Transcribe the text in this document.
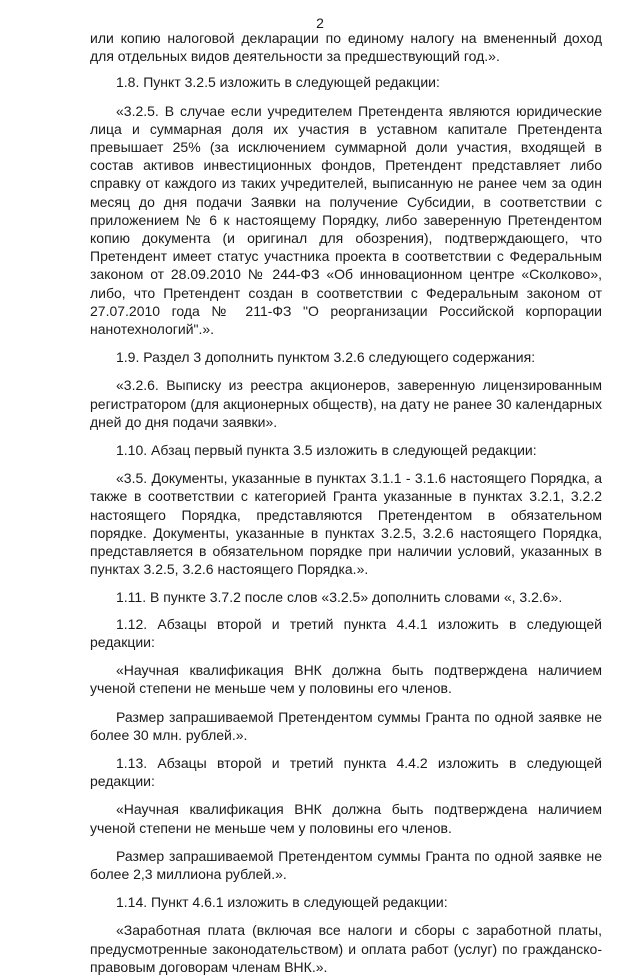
2

или копию налоговой декларации по единому налогу на вмененный доход для отдельных видов деятельности за предшествующий год.».

1.8. Пункт 3.2.5 изложить в следующей редакции:

«3.2.5. В случае если учредителем Претендента являются юридические лица и суммарная доля их участия в уставном капитале Претендента превышает 25% (за исключением суммарной доли участия, входящей в состав активов инвестиционных фондов, Претендент представляет либо справку от каждого из таких учредителей, выписанную не ранее чем за один месяц до дня подачи Заявки на получение Субсидии, в соответствии с приложением № 6 к настоящему Порядку, либо заверенную Претендентом копию документа (и оригинал для обозрения), подтверждающего, что Претендент имеет статус участника проекта в соответствии с Федеральным законом от 28.09.2010 № 244-ФЗ «Об инновационном центре «Сколково», либо, что Претендент создан в соответствии с Федеральным законом от 27.07.2010 года № 211-ФЗ "О реорганизации Российской корпорации нанотехнологий".».

1.9. Раздел 3 дополнить пунктом 3.2.6 следующего содержания:

«3.2.6. Выписку из реестра акционеров, заверенную лицензированным регистратором (для акционерных обществ), на дату не ранее 30 календарных дней до дня подачи заявки».

1.10. Абзац первый пункта 3.5 изложить в следующей редакции:

«3.5. Документы, указанные в пунктах 3.1.1 - 3.1.6 настоящего Порядка, а также в соответствии с категорией Гранта указанные в пунктах 3.2.1, 3.2.2 настоящего Порядка, представляются Претендентом в обязательном порядке. Документы, указанные в пунктах 3.2.5, 3.2.6 настоящего Порядка, представляется в обязательном порядке при наличии условий, указанных в пунктах 3.2.5, 3.2.6 настоящего Порядка.».

1.11. В пункте 3.7.2 после слов «3.2.5» дополнить словами «, 3.2.6».

1.12. Абзацы второй и третий пункта 4.4.1 изложить в следующей редакции:

«Научная квалификация ВНК должна быть подтверждена наличием ученой степени не меньше чем у половины его членов.

Размер запрашиваемой Претендентом суммы Гранта по одной заявке не более 30 млн. рублей.».

1.13. Абзацы второй и третий пункта 4.4.2 изложить в следующей редакции:

«Научная квалификация ВНК должна быть подтверждена наличием ученой степени не меньше чем у половины его членов.

Размер запрашиваемой Претендентом суммы Гранта по одной заявке не более 2,3 миллиона рублей.».

1.14. Пункт 4.6.1 изложить в следующей редакции:

«Заработная плата (включая все налоги и сборы с заработной платы, предусмотренные законодательством) и оплата работ (услуг) по гражданско-правовым договорам членам ВНК.».
